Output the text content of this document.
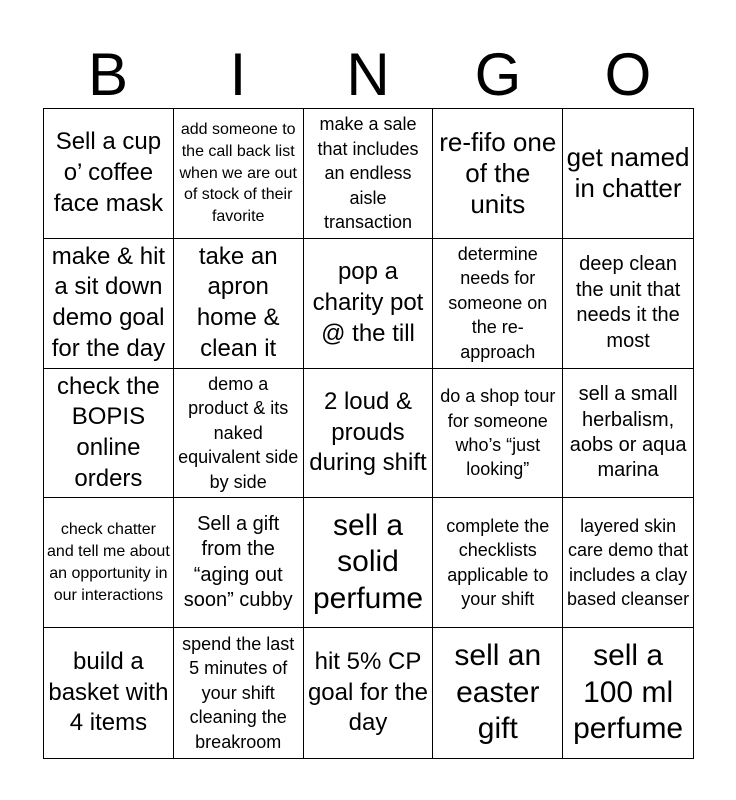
B	I	N	G	O
Sell a cup o’ coffee face mask
add someone to the call back list when we are out of stock of their favorite
make a sale that includes an endless aisle transaction
re-fifo one of the units
get named in chatter
make & hit a sit down demo goal for the day
take an apron home & clean it
pop a charity pot @ the till
determine needs for someone on the re-approach
deep clean the unit that needs it the most
check the BOPIS online orders
demo a product & its naked equivalent side by side
2 loud & prouds during shift
do a shop tour for someone who’s “just looking”
sell a small herbalism, aobs or aqua marina
check chatter and tell me about an opportunity in our interactions
Sell a gift from the “aging out soon” cubby
sell a solid perfume
complete the checklists applicable to your shift
layered skin care demo that includes a clay based cleanser
build a basket with 4 items
spend the last 5 minutes of your shift cleaning the breakroom
hit 5% CP goal for the day
sell an easter gift
sell a 100 ml perfume
